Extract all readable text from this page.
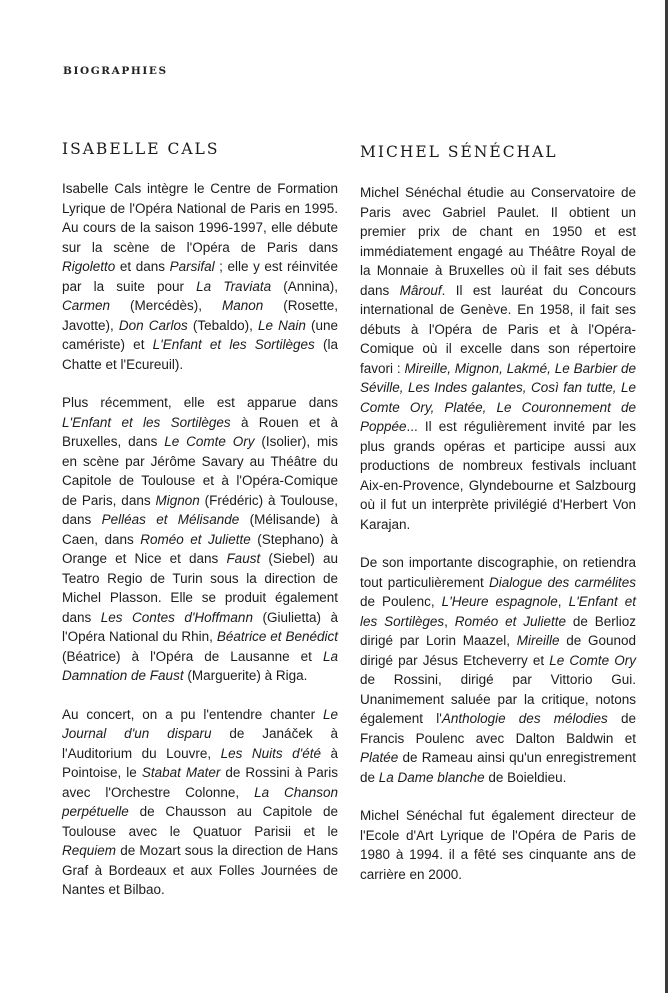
BIOGRAPHIES
ISABELLE CALS

Isabelle Cals intègre le Centre de Formation Lyrique de l'Opéra National de Paris en 1995. Au cours de la saison 1996-1997, elle débute sur la scène de l'Opéra de Paris dans Rigoletto et dans Parsifal ; elle y est réinvitée par la suite pour La Traviata (Annina), Carmen (Mercédès), Manon (Rosette, Javotte), Don Carlos (Tebaldo), Le Nain (une camériste) et L'Enfant et les Sortilèges (la Chatte et l'Ecureuil).

Plus récemment, elle est apparue dans L'Enfant et les Sortilèges à Rouen et à Bruxelles, dans Le Comte Ory (Isolier), mis en scène par Jérôme Savary au Théâtre du Capitole de Toulouse et à l'Opéra-Comique de Paris, dans Mignon (Frédéric) à Toulouse, dans Pelléas et Mélisande (Mélisande) à Caen, dans Roméo et Juliette (Stephano) à Orange et Nice et dans Faust (Siebel) au Teatro Regio de Turin sous la direction de Michel Plasson. Elle se produit également dans Les Contes d'Hoffmann (Giulietta) à l'Opéra National du Rhin, Béatrice et Benédict (Béatrice) à l'Opéra de Lausanne et La Damnation de Faust (Marguerite) à Riga.

Au concert, on a pu l'entendre chanter Le Journal d'un disparu de Janáček à l'Auditorium du Louvre, Les Nuits d'été à Pointoise, le Stabat Mater de Rossini à Paris avec l'Orchestre Colonne, La Chanson perpétuelle de Chausson au Capitole de Toulouse avec le Quatuor Parisii et le Requiem de Mozart sous la direction de Hans Graf à Bordeaux et aux Folles Journées de Nantes et Bilbao.

MICHEL SÉNÉCHAL

Michel Sénéchal étudie au Conservatoire de Paris avec Gabriel Paulet. Il obtient un premier prix de chant en 1950 et est immédiatement engagé au Théâtre Royal de la Monnaie à Bruxelles où il fait ses débuts dans Mârouf. Il est lauréat du Concours international de Genève. En 1958, il fait ses débuts à l'Opéra de Paris et à l'Opéra-Comique où il excelle dans son répertoire favori : Mireille, Mignon, Lakmé, Le Barbier de Séville, Les Indes galantes, Così fan tutte, Le Comte Ory, Platée, Le Couronnement de Poppée... Il est régulièrement invité par les plus grands opéras et participe aussi aux productions de nombreux festivals incluant Aix-en-Provence, Glyndebourne et Salzbourg où il fut un interprète privilégié d'Herbert Von Karajan.

De son importante discographie, on retiendra tout particulièrement Dialogue des carmélites de Poulenc, L'Heure espagnole, L'Enfant et les Sortilèges, Roméo et Juliette de Berlioz dirigé par Lorin Maazel, Mireille de Gounod dirigé par Jésus Etcheverry et Le Comte Ory de Rossini, dirigé par Vittorio Gui. Unanimement saluée par la critique, notons également l'Anthologie des mélodies de Francis Poulenc avec Dalton Baldwin et Platée de Rameau ainsi qu'un enregistrement de La Dame blanche de Boieldieu.

Michel Sénéchal fut également directeur de l'Ecole d'Art Lyrique de l'Opéra de Paris de 1980 à 1994. il a fêté ses cinquante ans de carrière en 2000.
